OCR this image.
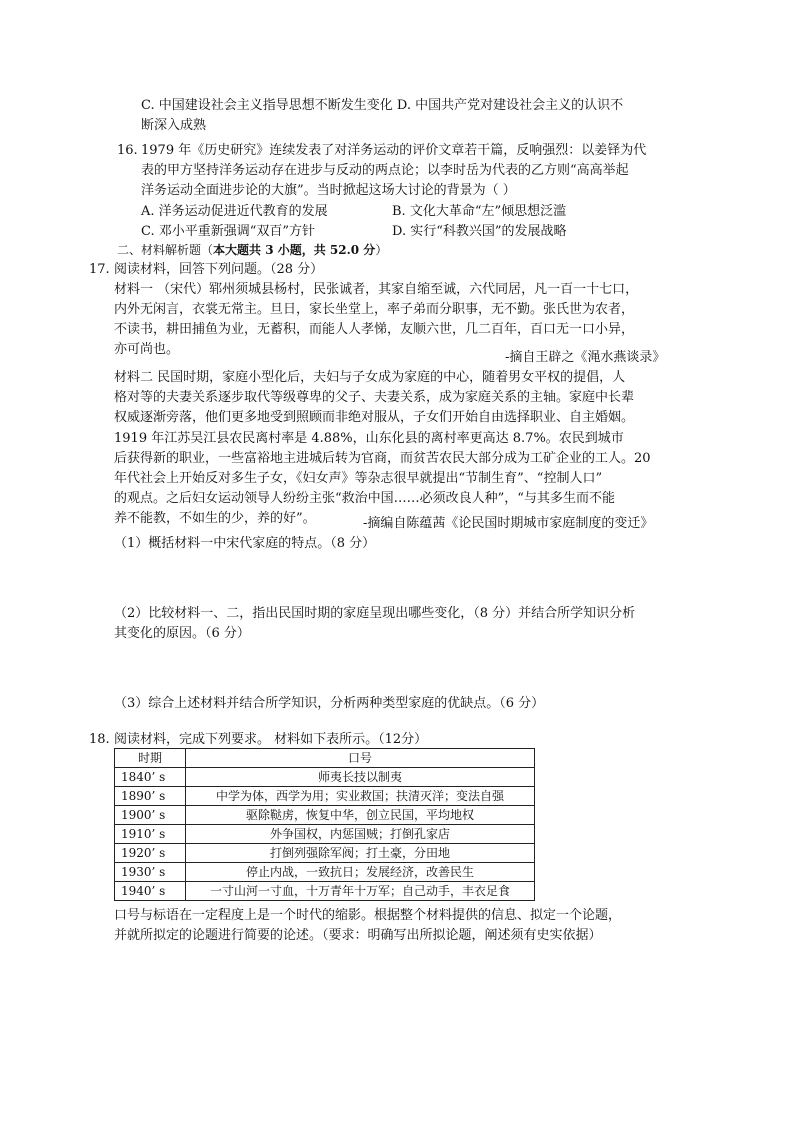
C. 中国建设社会主义指导思想不断发生变化 D. 中国共产党对建设社会主义的认识不
断深入成熟
16. 1979 年《历史研究》连续发表了对洋务运动的评价文章若干篇，反响强烈：以姜铎为代
表的甲方坚持洋务运动存在进步与反动的两点论；以李时岳为代表的乙方则“高高举起
洋务运动全面进步论的大旗”。当时掀起这场大讨论的背景为（ ）
A. 洋务运动促进近代教育的发展	B. 文化大革命“左”倾思想泛滥
C. 邓小平重新强调“双百”方针	D. 实行“科教兴国”的发展战略
二、材料解析题（本大题共 3 小题，共 52.0 分）
17. 阅读材料，回答下列问题。（28 分）
材料一 （宋代）郓州须城县杨村，民张诚者，其家自缩至诚，六代同居，凡一百一十七口，
内外无闲言，衣裳无常主。旦日，家长坐堂上，率子弟而分职事，无不勤。张氏世为农者，
不读书，耕田捕鱼为业，无蓄积，而能人人孝悌，友顺六世，几二百年，百口无一口小异，
亦可尚也。
-摘自王辟之《渑水燕谈录》
材料二 民国时期，家庭小型化后，夫妇与子女成为家庭的中心，随着男女平权的提倡，人
格对等的夫妻关系逐步取代等级尊卑的父子、夫妻关系，成为家庭关系的主轴。家庭中长辈
权威逐渐旁落，他们更多地受到照顾而非绝对服从，子女们开始自由选择职业、自主婚姻。
1919 年江苏吴江县农民离村率是 4.88%，山东化县的离村率更高达 8.7%。农民到城市
后获得新的职业，一些富裕地主进城后转为官商，而贫苦农民大部分成为工矿企业的工人。20
年代社会上开始反对多生子女，《妇女声》等杂志很早就提出“节制生育”、“控制人口”
的观点。之后妇女运动领导人纷纷主张“救治中国……必须改良人种”，“与其多生而不能
养不能教，不如生的少，养的好”。	-摘编自陈蕴茜《论民国时期城市家庭制度的变迁》
（1）概括材料一中宋代家庭的特点。（8 分）
（2）比较材料一、二，指出民国时期的家庭呈现出哪些变化，（8 分）并结合所学知识分析
其变化的原因。（6 分）
（3）综合上述材料并结合所学知识，分析两种类型家庭的优缺点。（6 分）
18. 阅读材料，完成下列要求。 材料如下表所示。（12分）
时期	口号
1840’ s	师夷长技以制夷
1890’ s	中学为体，西学为用；实业救国；扶清灭洋；变法自强
1900’ s	驱除鞑虏，恢复中华，创立民国，平均地权
1910’ s	外争国权，内惩国贼；打倒孔家店
1920’ s	打倒列强除军阀；打土豪，分田地
1930’ s	停止内战，一致抗日；发展经济，改善民生
1940’ s	一寸山河一寸血，十万青年十万军；自己动手，丰衣足食
口号与标语在一定程度上是一个时代的缩影。根据整个材料提供的信息、拟定一个论题，
并就所拟定的论题进行简要的论述。（要求：明确写出所拟论题，阐述须有史实依据）
